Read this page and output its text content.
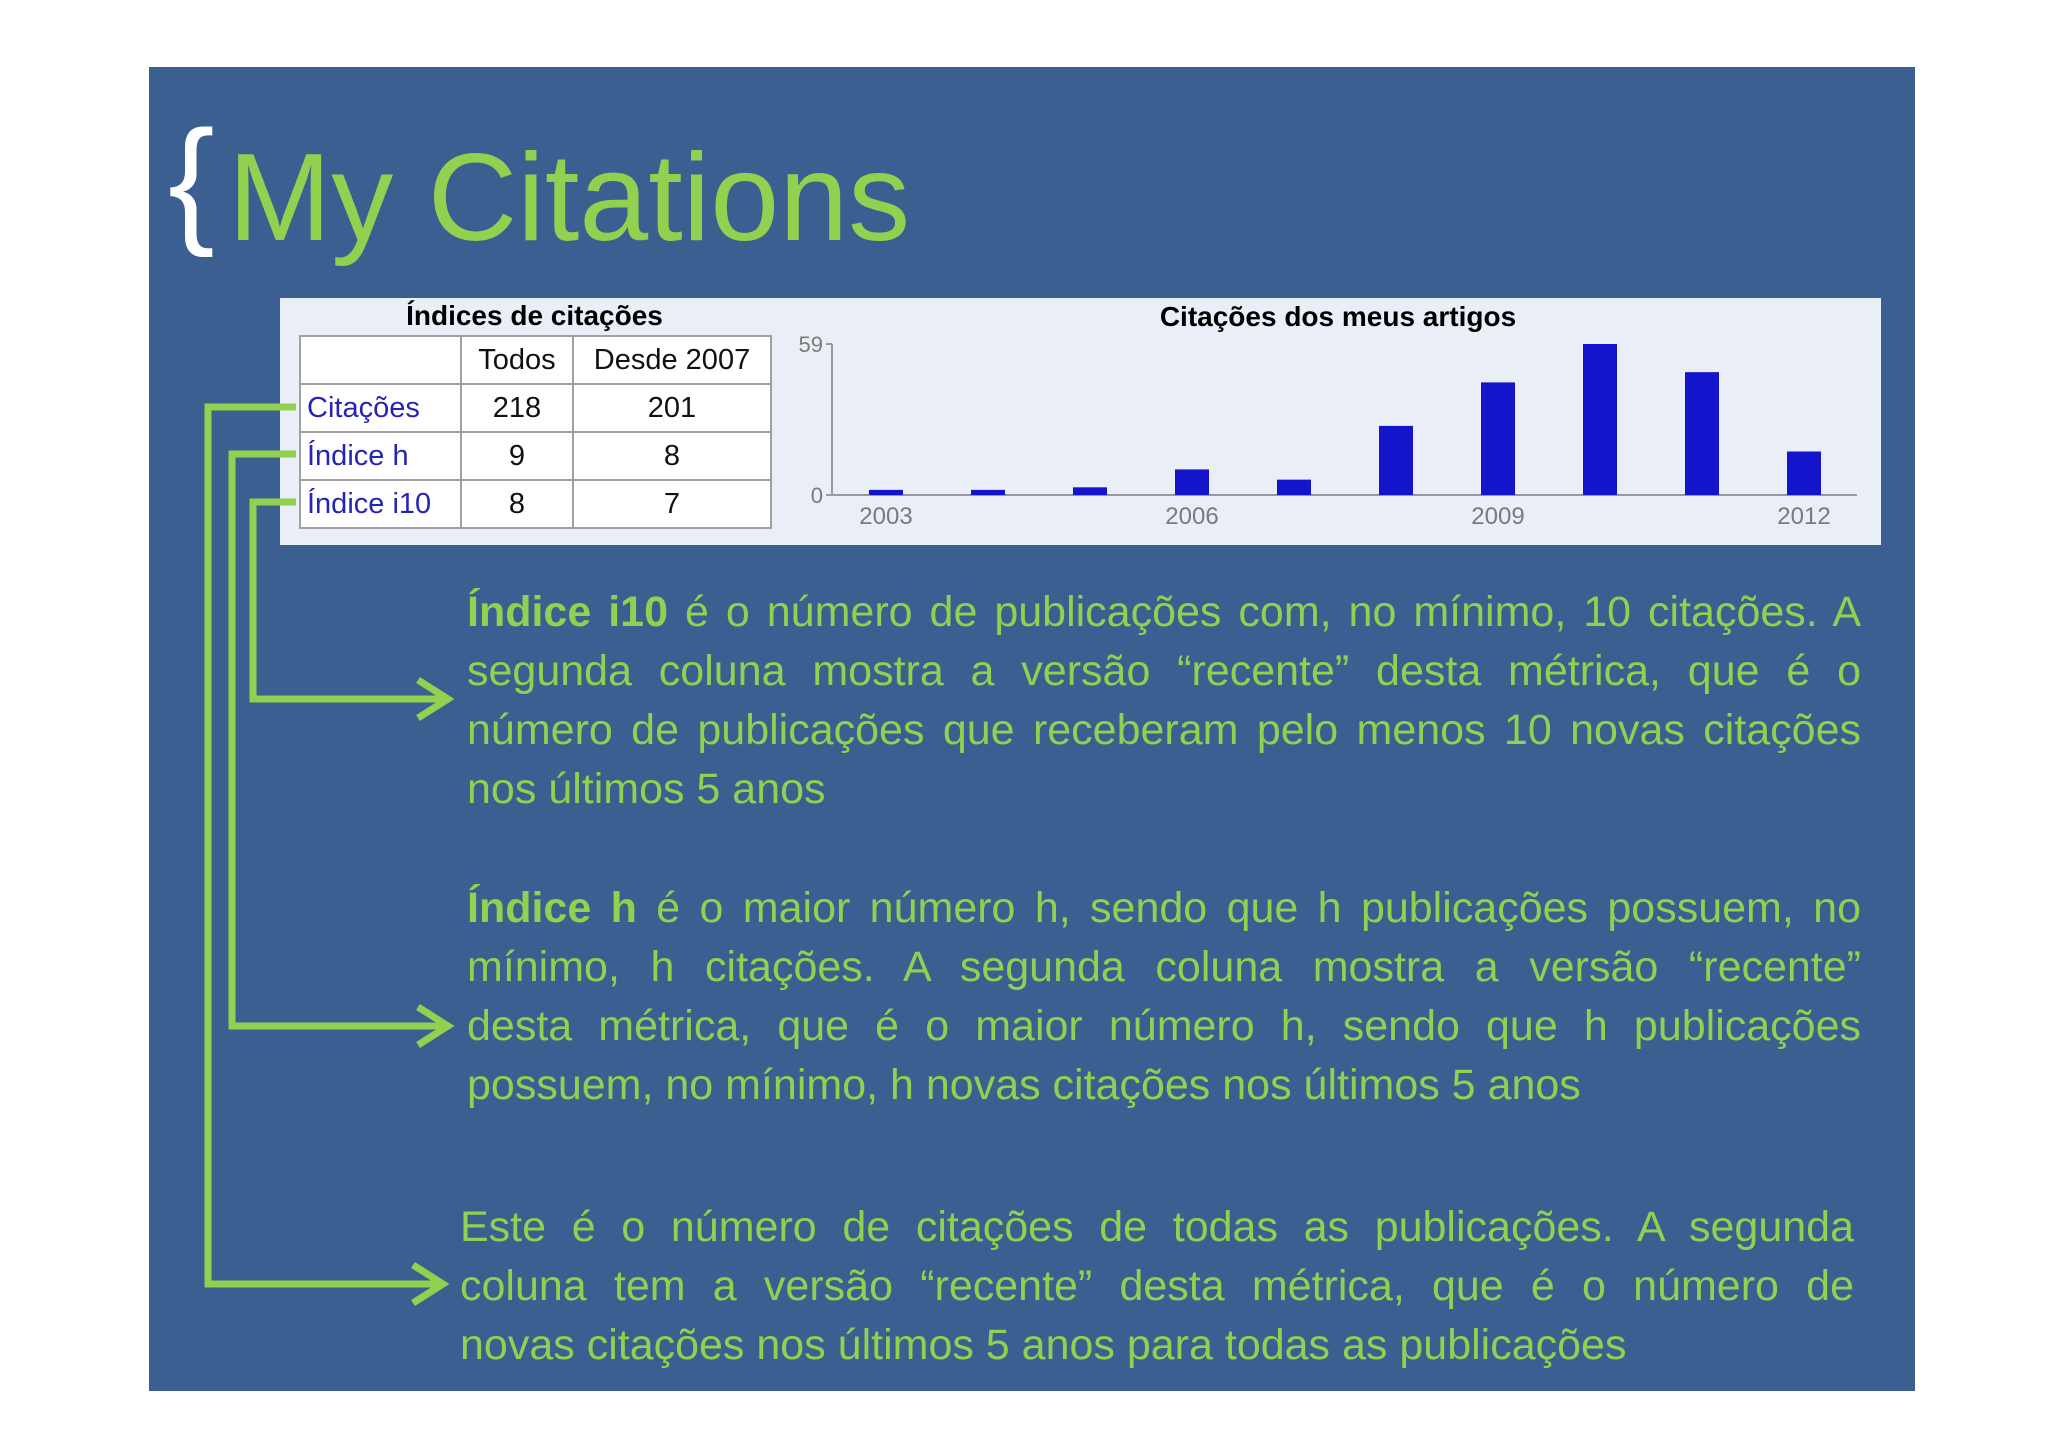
{ My Citations
Índices de citações
	Todos	Desde 2007
Citações	218	201
Índice h	9	8
Índice i10	8	7
Citações dos meus artigos
2003	2006	2009	2012
0
59
Índice i10 é o número de publicações com, no mínimo, 10 citações. A
segunda coluna mostra a versão “recente” desta métrica, que é o
número de publicações que receberam pelo menos 10 novas citações
nos últimos 5 anos
Índice h é o maior número h, sendo que h publicações possuem, no
mínimo, h citações. A segunda coluna mostra a versão “recente”
desta métrica, que é o maior número h, sendo que h publicações
possuem, no mínimo, h novas citações nos últimos 5 anos
Este é o número de citações de todas as publicações. A segunda
coluna tem a versão “recente” desta métrica, que é o número de
novas citações nos últimos 5 anos para todas as publicações
